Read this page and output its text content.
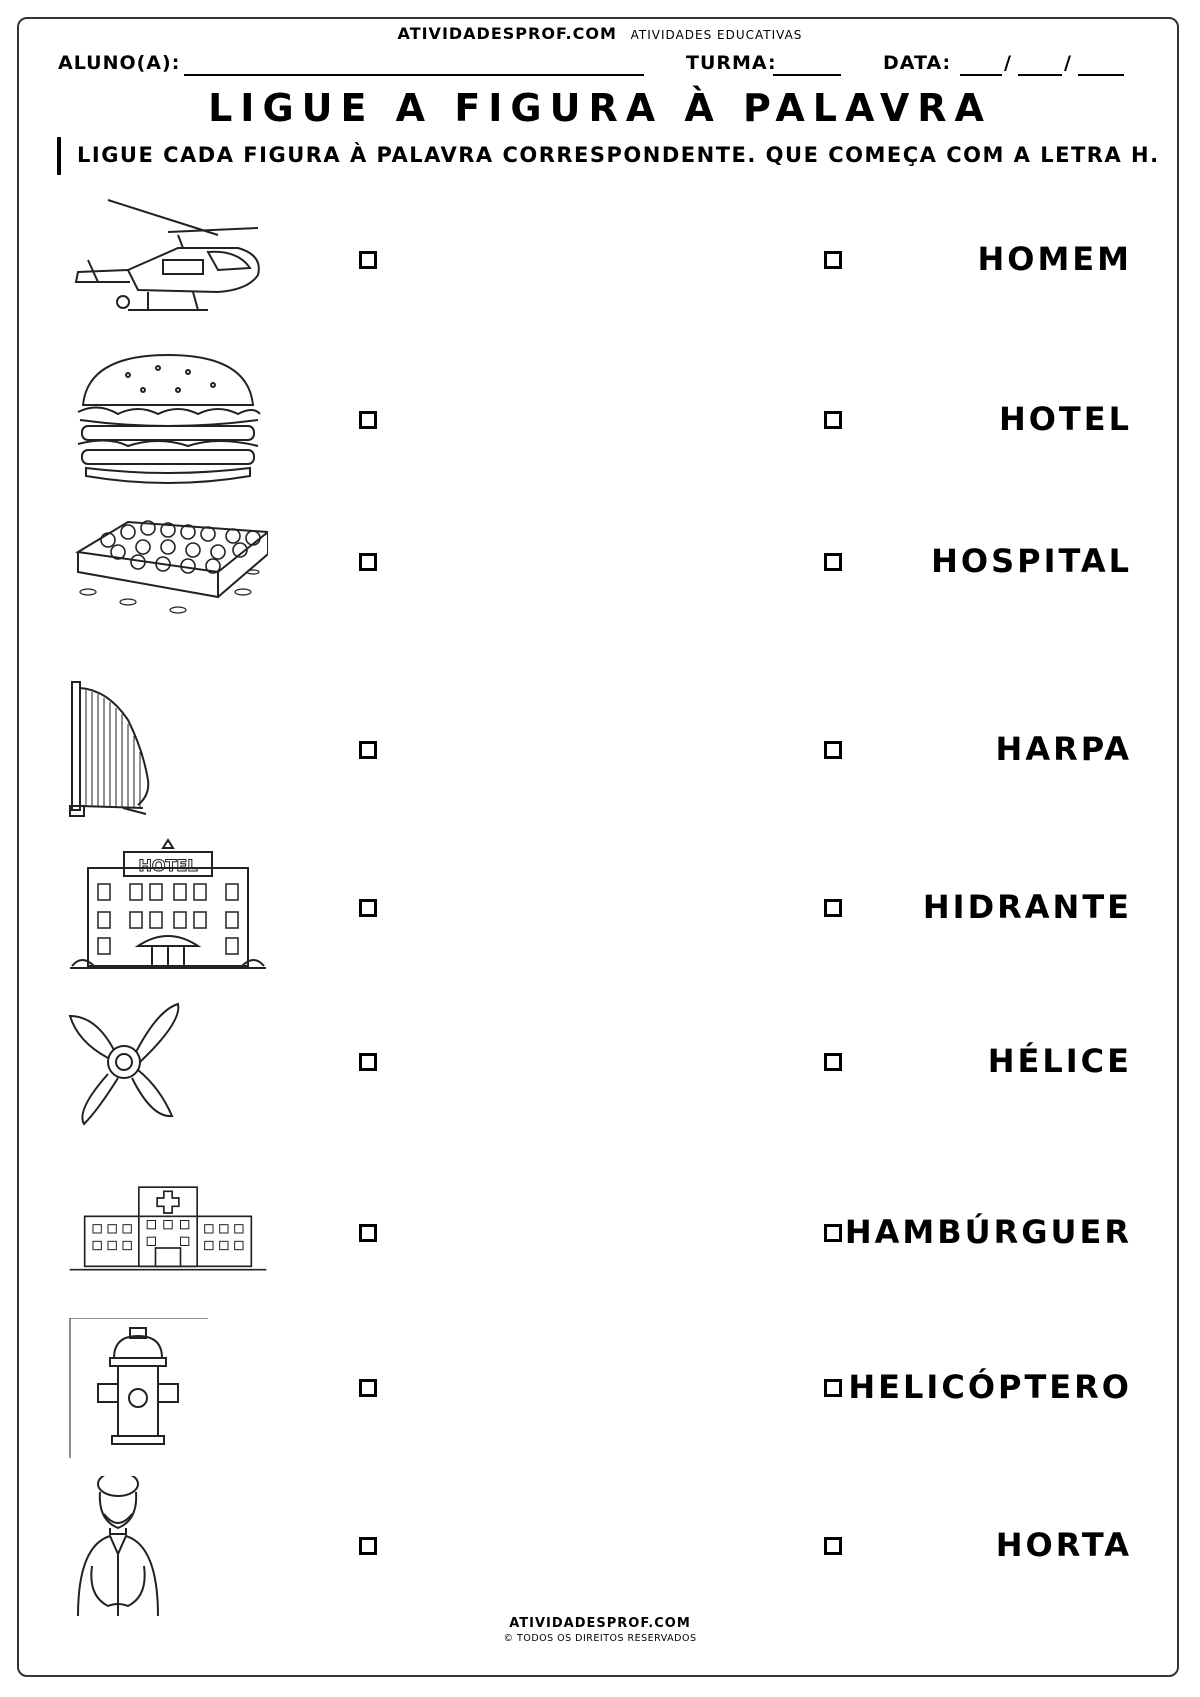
ATIVIDADESPROF.COM ATIVIDADES EDUCATIVAS
ALUNO(A):	TURMA:	DATA:	/	/
LIGUE A FIGURA À PALAVRA
LIGUE CADA FIGURA À PALAVRA CORRESPONDENTE. QUE COMEÇA COM A LETRA H.
HOMEM
HOTEL
HOSPITAL
HARPA
HOTEL
HIDRANTE
HÉLICE
HAMBÚRGUER
HELICÓPTERO
HORTA
ATIVIDADESPROF.COM
© TODOS OS DIREITOS RESERVADOS
